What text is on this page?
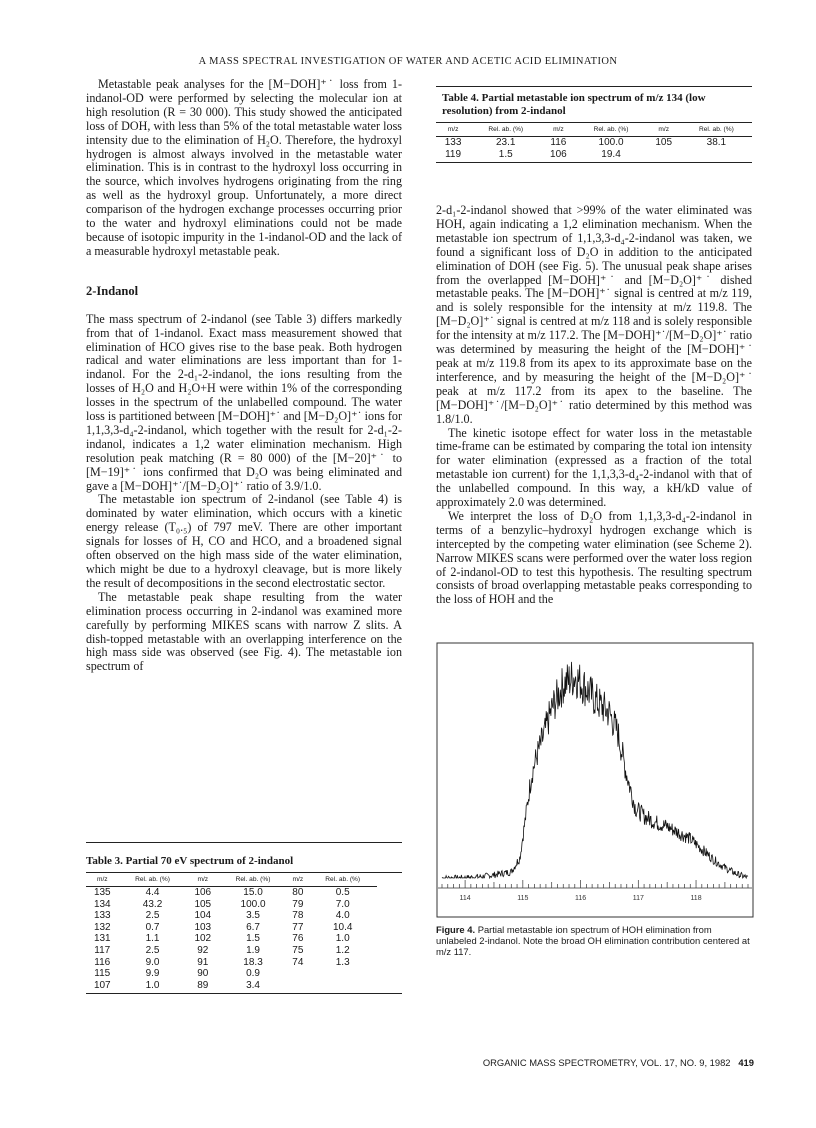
A MASS SPECTRAL INVESTIGATION OF WATER AND ACETIC ACID ELIMINATION
Table 4. Partial metastable ion spectrum of m/z 134 (low resolution) from 2-indanol
m/z	Rel. ab. (%)	m/z	Rel. ab. (%)	m/z	Rel. ab. (%)

133	23.1	116	100.0	105	38.1
119	1.5	106	19.4		

Metastable peak analyses for the [M−DOH]⁺˙ loss from 1-indanol-OD were performed by selecting the molecular ion at high resolution (R = 30 000). This study showed the anticipated loss of DOH, with less than 5% of the total metastable water loss intensity due to the elimination of H₂O. Therefore, the hydroxyl hydrogen is almost always involved in the metastable water elimination. This is in contrast to the hydroxyl loss occurring in the source, which involves hydrogens originating from the ring as well as the hydroxyl group. Unfortunately, a more direct comparison of the hydrogen exchange processes occurring prior to the water and hydroxyl eliminations could not be made because of isotopic impurity in the 1-indanol-OD and the lack of a measurable hydroxyl metastable peak.

2-Indanol

The mass spectrum of 2-indanol (see Table 3) differs markedly from that of 1-indanol. Exact mass measurement showed that elimination of HCO gives rise to the base peak. Both hydrogen radical and water eliminations are less important than for 1-indanol. For the 2-d₁-2-indanol, the ions resulting from the losses of H₂O and H₂O+H were within 1% of the corresponding losses in the spectrum of the unlabelled compound. The water loss is partitioned between [M−DOH]⁺˙ and [M−D₂O]⁺˙ ions for 1,1,3,3-d₄-2-indanol, which together with the result for 2-d₁-2-indanol, indicates a 1,2 water elimination mechanism. High resolution peak matching (R = 80 000) of the [M−20]⁺˙ to [M−19]⁺˙ ions confirmed that D₂O was being eliminated and gave a [M−DOH]⁺˙/[M−D₂O]⁺˙ ratio of 3.9/1.0.

The metastable ion spectrum of 2-indanol (see Table 4) is dominated by water elimination, which occurs with a kinetic energy release (T₀.₅) of 797 meV. There are other important signals for losses of H, CO and HCO, and a broadened signal often observed on the high mass side of the water elimination, which might be due to a hydroxyl cleavage, but is more likely the result of decompositions in the second electrostatic sector.

The metastable peak shape resulting from the water elimination process occurring in 2-indanol was examined more carefully by performing MIKES scans with narrow Z slits. A dish-topped metastable with an overlapping interference on the high mass side was observed (see Fig. 4). The metastable ion spectrum of

Table 3. Partial 70 eV spectrum of 2-indanol
m/z	Rel. ab. (%)	m/z	Rel. ab. (%)	m/z	Rel. ab. (%)

135	4.4	106	15.0	80	0.5
134	43.2	105	100.0	79	7.0
133	2.5	104	3.5	78	4.0
132	0.7	103	6.7	77	10.4
131	1.1	102	1.5	76	1.0
117	2.5	92	1.9	75	1.2
116	9.0	91	18.3	74	1.3
115	9.9	90	0.9		
107	1.0	89	3.4		

2-d₁-2-indanol showed that >99% of the water eliminated was HOH, again indicating a 1,2 elimination mechanism. When the metastable ion spectrum of 1,1,3,3-d₄-2-indanol was taken, we found a significant loss of D₂O in addition to the anticipated elimination of DOH (see Fig. 5). The unusual peak shape arises from the overlapped [M−DOH]⁺˙ and [M−D₂O]⁺˙ dished metastable peaks. The [M−DOH]⁺˙ signal is centred at m/z 119, and is solely responsible for the intensity at m/z 119.8. The [M−D₂O]⁺˙ signal is centred at m/z 118 and is solely responsible for the intensity at m/z 117.2. The [M−DOH]⁺˙/[M−D₂O]⁺˙ ratio was determined by measuring the height of the [M−DOH]⁺˙ peak at m/z 119.8 from its apex to its approximate base on the interference, and by measuring the height of the [M−D₂O]⁺˙ peak at m/z 117.2 from its apex to the baseline. The [M−DOH]⁺˙/[M−D₂O]⁺˙ ratio determined by this method was 1.8/1.0.

The kinetic isotope effect for water loss in the metastable time-frame can be estimated by comparing the total ion intensity for water elimination (expressed as a fraction of the total metastable ion current) for the 1,1,3,3-d₄-2-indanol with that of the unlabelled compound. In this way, a kH/kD value of approximately 2.0 was determined.

We interpret the loss of D₂O from 1,1,3,3-d₄-2-indanol in terms of a benzylic–hydroxyl hydrogen exchange which is intercepted by the competing water elimination (see Scheme 2). Narrow MIKES scans were performed over the water loss region of 2-indanol-OD to test this hypothesis. The resulting spectrum consists of broad overlapping metastable peaks corresponding to the loss of HOH and the

114	115	116	117	118
Figure 4. Partial metastable ion spectrum of HOH elimination from unlabeled 2-indanol. Note the broad OH elimination contribution centered at m/z 117.
ORGANIC MASS SPECTROMETRY, VOL. 17, NO. 9, 1982 419
